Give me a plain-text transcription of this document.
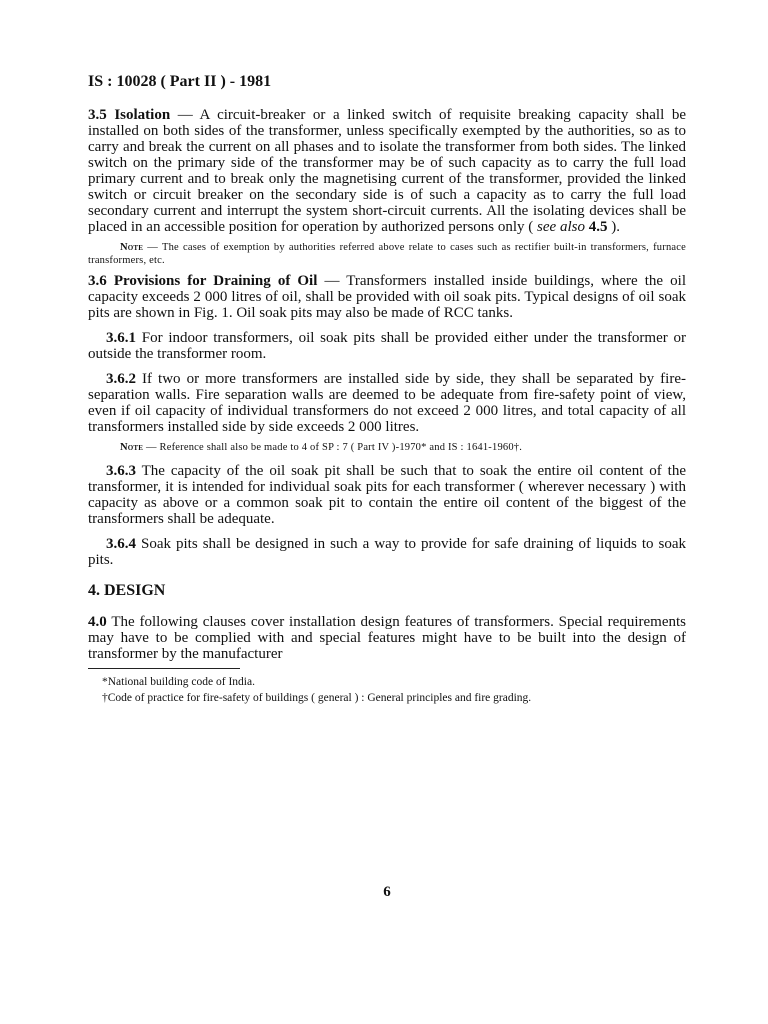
IS : 10028 ( Part II ) - 1981

3.5 Isolation — A circuit-breaker or a linked switch of requisite breaking capacity shall be installed on both sides of the transformer, unless specifically exempted by the authorities, so as to carry and break the current on all phases and to isolate the transformer from both sides. The linked switch on the primary side of the transformer may be of such capacity as to carry the full load primary current and to break only the magnetising current of the transformer, provided the linked switch or circuit breaker on the secondary side is of such a capacity as to carry the full load secondary current and interrupt the system short-circuit currents. All the isolating devices shall be placed in an accessible position for operation by authorized persons only ( see also 4.5 ).

Note — The cases of exemption by authorities referred above relate to cases such as rectifier built-in transformers, furnace transformers, etc.

3.6 Provisions for Draining of Oil — Transformers installed inside buildings, where the oil capacity exceeds 2 000 litres of oil, shall be provided with oil soak pits. Typical designs of oil soak pits are shown in Fig. 1. Oil soak pits may also be made of RCC tanks.

3.6.1 For indoor transformers, oil soak pits shall be provided either under the transformer or outside the transformer room.

3.6.2 If two or more transformers are installed side by side, they shall be separated by fire-separation walls. Fire separation walls are deemed to be adequate from fire-safety point of view, even if oil capacity of individual transformers do not exceed 2 000 litres, and total capacity of all transformers installed side by side exceeds 2 000 litres.

Note — Reference shall also be made to 4 of SP : 7 ( Part IV )-1970* and IS : 1641-1960†.

3.6.3 The capacity of the oil soak pit shall be such that to soak the entire oil content of the transformer, it is intended for individual soak pits for each transformer ( wherever necessary ) with capacity as above or a common soak pit to contain the entire oil content of the biggest of the transformers shall be adequate.

3.6.4 Soak pits shall be designed in such a way to provide for safe draining of liquids to soak pits.

4. DESIGN

4.0 The following clauses cover installation design features of transformers. Special requirements may have to be complied with and special features might have to be built into the design of transformer by the manufacturer

*National building code of India.

†Code of practice for fire-safety of buildings ( general ) : General principles and fire grading.

6
